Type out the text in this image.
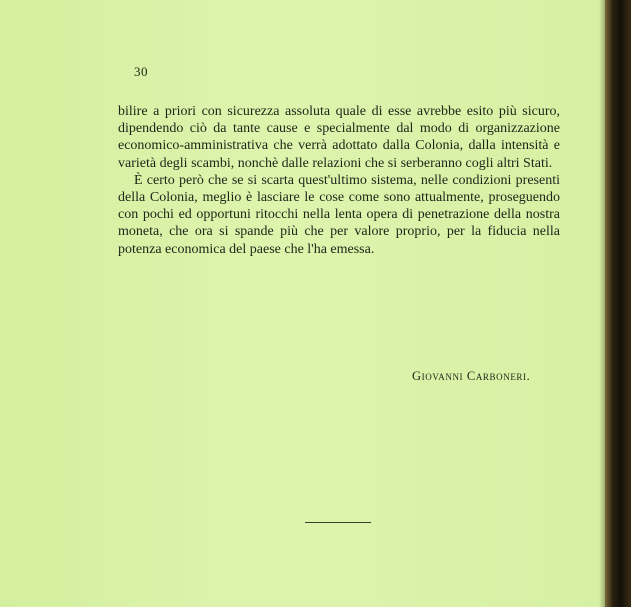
30

bilire a priori con sicurezza assoluta quale di esse avrebbe esito più sicuro, dipendendo ciò da tante cause e specialmente dal modo di organizzazione economico-amministrativa che verrà adottato dalla Colonia, dalla intensità e varietà degli scambi, nonchè dalle relazioni che si serberanno cogli altri Stati.

È certo però che se si scarta quest'ultimo sistema, nelle condizioni presenti della Colonia, meglio è lasciare le cose come sono attualmente, proseguendo con pochi ed opportuni ritocchi nella lenta opera di penetrazione della nostra moneta, che ora si spande più che per valore proprio, per la fiducia nella potenza economica del paese che l'ha emessa.

Giovanni Carboneri.
